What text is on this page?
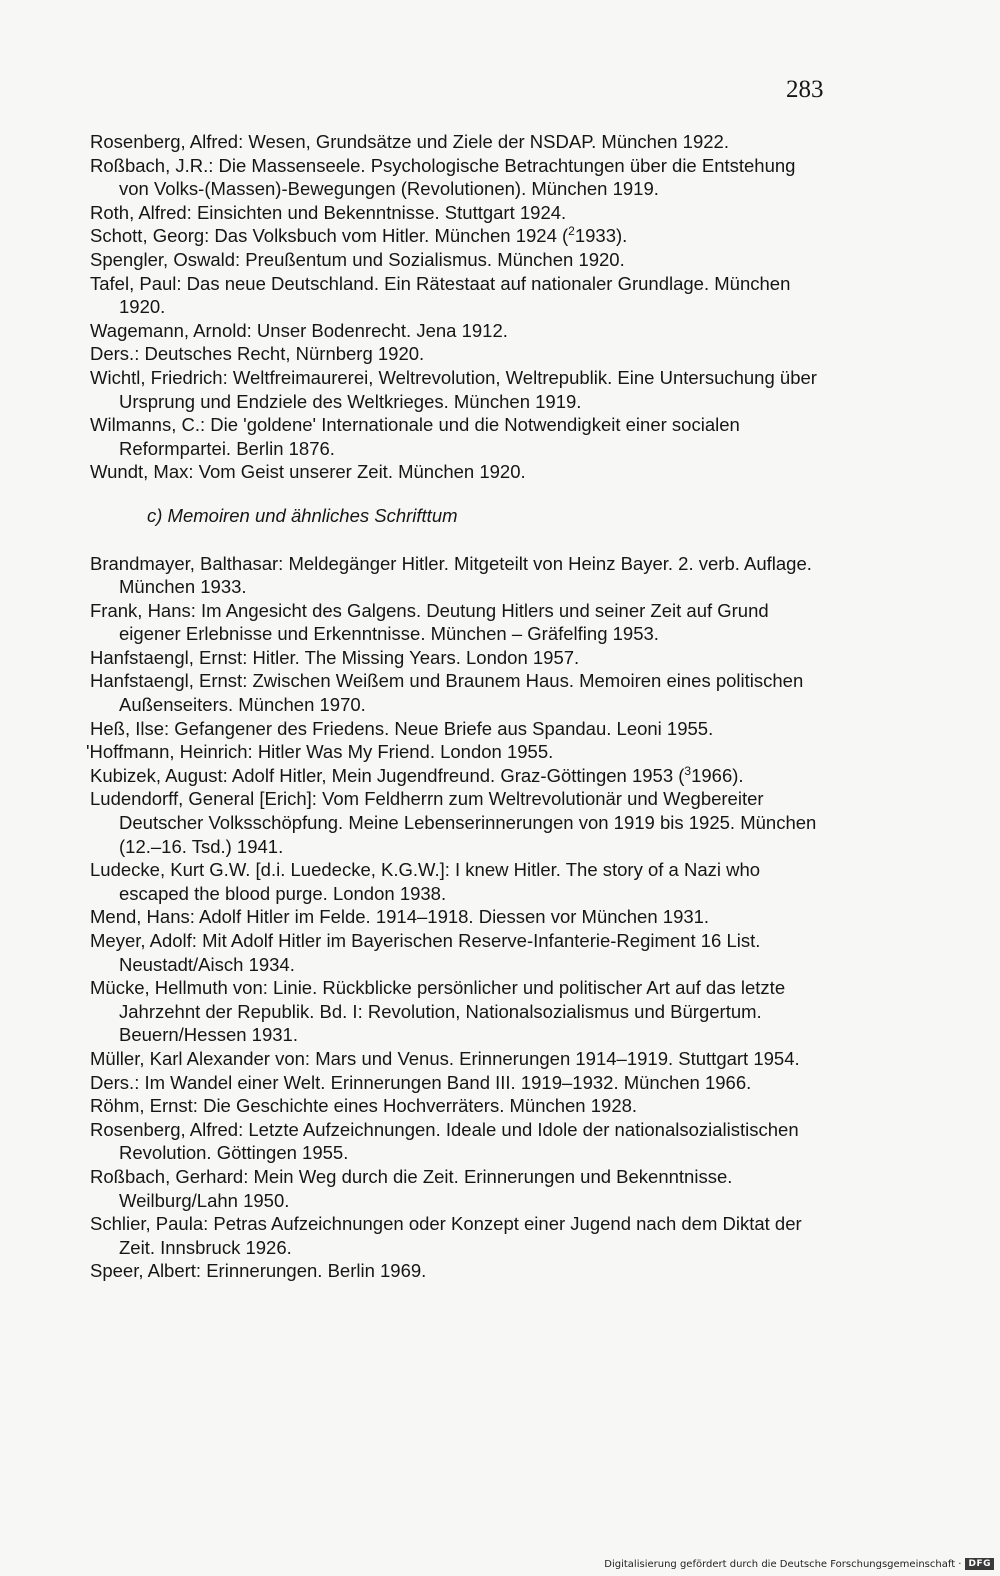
283

Rosenberg, Alfred: Wesen, Grundsätze und Ziele der NSDAP. München 1922.

Roßbach, J.R.: Die Massenseele. Psychologische Betrachtungen über die Entstehung von Volks-(Massen)-Bewegungen (Revolutionen). München 1919.

Roth, Alfred: Einsichten und Bekenntnisse. Stuttgart 1924.

Schott, Georg: Das Volksbuch vom Hitler. München 1924 ($^2$1933).

Spengler, Oswald: Preußentum und Sozialismus. München 1920.

Tafel, Paul: Das neue Deutschland. Ein Rätestaat auf nationaler Grundlage. München 1920.

Wagemann, Arnold: Unser Bodenrecht. Jena 1912.

Ders.: Deutsches Recht, Nürnberg 1920.

Wichtl, Friedrich: Weltfreimaurerei, Weltrevolution, Weltrepublik. Eine Untersuchung über Ursprung und Endziele des Weltkrieges. München 1919.

Wilmanns, C.: Die 'goldene' Internationale und die Notwendigkeit einer socialen Reformpartei. Berlin 1876.

Wundt, Max: Vom Geist unserer Zeit. München 1920.

c) Memoiren und ähnliches Schrifttum

Brandmayer, Balthasar: Meldegänger Hitler. Mitgeteilt von Heinz Bayer. 2. verb. Auflage. München 1933.

Frank, Hans: Im Angesicht des Galgens. Deutung Hitlers und seiner Zeit auf Grund eigener Erlebnisse und Erkenntnisse. München – Gräfelfing 1953.

Hanfstaengl, Ernst: Hitler. The Missing Years. London 1957.

Hanfstaengl, Ernst: Zwischen Weißem und Braunem Haus. Memoiren eines politischen Außenseiters. München 1970.

Heß, Ilse: Gefangener des Friedens. Neue Briefe aus Spandau. Leoni 1955.

'Hoffmann, Heinrich: Hitler Was My Friend. London 1955.

Kubizek, August: Adolf Hitler, Mein Jugendfreund. Graz-Göttingen 1953 ($^3$1966).

Ludendorff, General [Erich]: Vom Feldherrn zum Weltrevolutionär und Wegbereiter Deutscher Volksschöpfung. Meine Lebenserinnerungen von 1919 bis 1925. München (12.–16. Tsd.) 1941.

Ludecke, Kurt G.W. [d.i. Luedecke, K.G.W.]: I knew Hitler. The story of a Nazi who escaped the blood purge. London 1938.

Mend, Hans: Adolf Hitler im Felde. 1914–1918. Diessen vor München 1931.

Meyer, Adolf: Mit Adolf Hitler im Bayerischen Reserve-Infanterie-Regiment 16 List. Neustadt/Aisch 1934.

Mücke, Hellmuth von: Linie. Rückblicke persönlicher und politischer Art auf das letzte Jahrzehnt der Republik. Bd. I: Revolution, Nationalsozialismus und Bürgertum. Beuern/Hessen 1931.

Müller, Karl Alexander von: Mars und Venus. Erinnerungen 1914–1919. Stuttgart 1954.

Ders.: Im Wandel einer Welt. Erinnerungen Band III. 1919–1932. München 1966.

Röhm, Ernst: Die Geschichte eines Hochverräters. München 1928.

Rosenberg, Alfred: Letzte Aufzeichnungen. Ideale und Idole der nationalsozialistischen Revolution. Göttingen 1955.

Roßbach, Gerhard: Mein Weg durch die Zeit. Erinnerungen und Bekenntnisse. Weilburg/Lahn 1950.

Schlier, Paula: Petras Aufzeichnungen oder Konzept einer Jugend nach dem Diktat der Zeit. Innsbruck 1926.

Speer, Albert: Erinnerungen. Berlin 1969.

Digitalisierung gefördert durch die Deutsche Forschungsgemeinschaft · DFG
